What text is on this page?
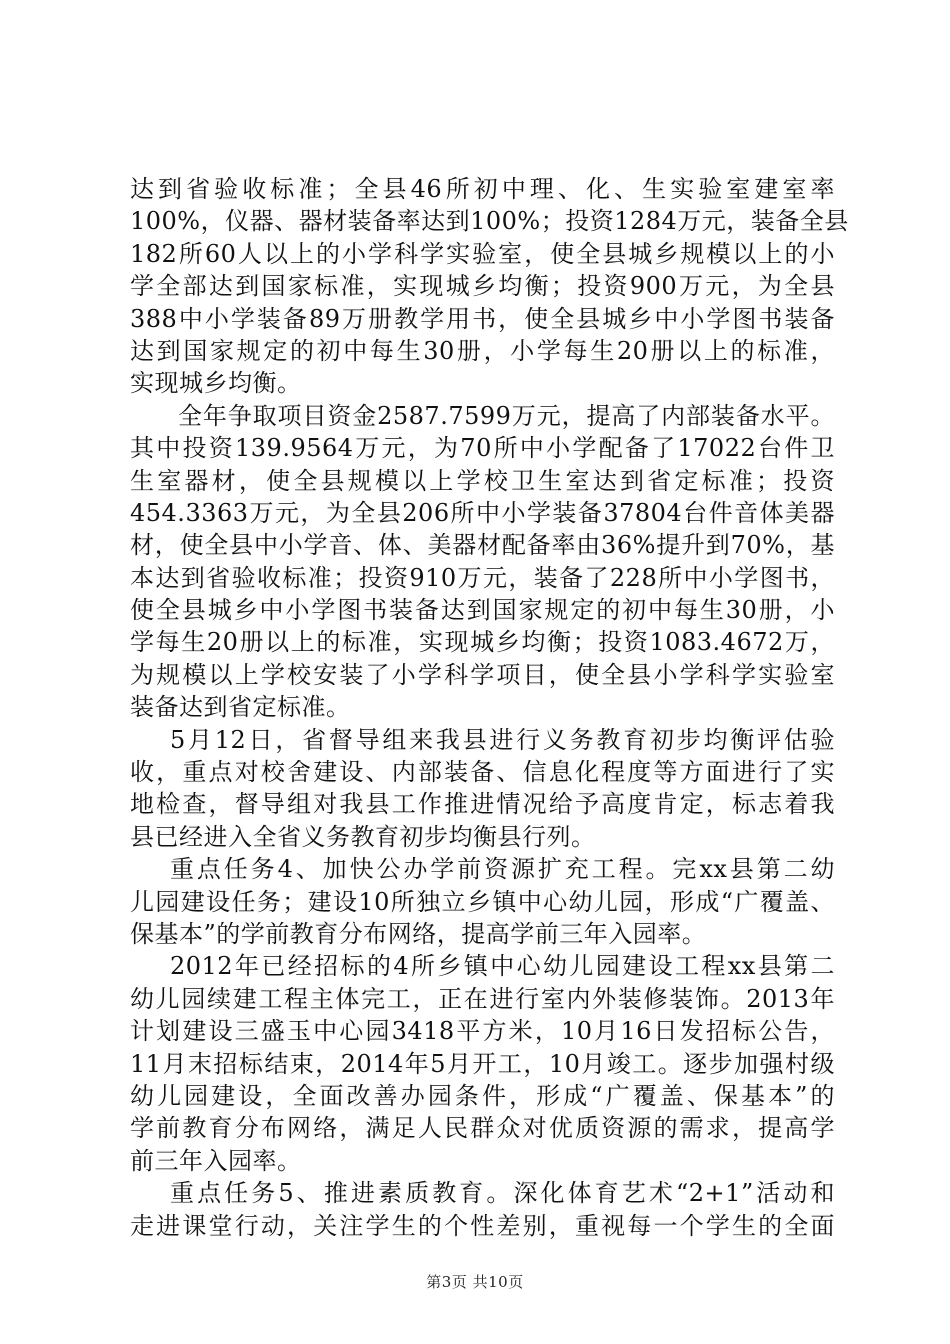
达到省验收标准；全县46所初中理、化、生实验室建室率
100%，仪器、器材装备率达到100%；投资1284万元，装备全县
182所60人以上的小学科学实验室，使全县城乡规模以上的小
学全部达到国家标准，实现城乡均衡；投资900万元，为全县
388中小学装备89万册教学用书，使全县城乡中小学图书装备
达到国家规定的初中每生30册，小学每生20册以上的标准，
实现城乡均衡。
全年争取项目资金2587.7599万元，提高了内部装备水平。
其中投资139.9564万元，为70所中小学配备了17022台件卫
生室器材，使全县规模以上学校卫生室达到省定标准；投资
454.3363万元，为全县206所中小学装备37804台件音体美器
材，使全县中小学音、体、美器材配备率由36%提升到70%，基
本达到省验收标准；投资910万元，装备了228所中小学图书，
使全县城乡中小学图书装备达到国家规定的初中每生30册，小
学每生20册以上的标准，实现城乡均衡；投资1083.4672万，
为规模以上学校安装了小学科学项目，使全县小学科学实验室
装备达到省定标准。
5月12日，省督导组来我县进行义务教育初步均衡评估验
收，重点对校舍建设、内部装备、信息化程度等方面进行了实
地检查，督导组对我县工作推进情况给予高度肯定，标志着我
县已经进入全省义务教育初步均衡县行列。
重点任务4、加快公办学前资源扩充工程。完xx县第二幼
儿园建设任务；建设10所独立乡镇中心幼儿园，形成“广覆盖、
保基本”的学前教育分布网络，提高学前三年入园率。
2012年已经招标的4所乡镇中心幼儿园建设工程xx县第二
幼儿园续建工程主体完工，正在进行室内外装修装饰。2013年
计划建设三盛玉中心园3418平方米，10月16日发招标公告，
11月末招标结束，2014年5月开工，10月竣工。逐步加强村级
幼儿园建设，全面改善办园条件，形成“广覆盖、保基本”的
学前教育分布网络，满足人民群众对优质资源的需求，提高学
前三年入园率。
重点任务5、推进素质教育。深化体育艺术“2+1”活动和
走进课堂行动，关注学生的个性差别，重视每一个学生的全面
第3页 共10页
